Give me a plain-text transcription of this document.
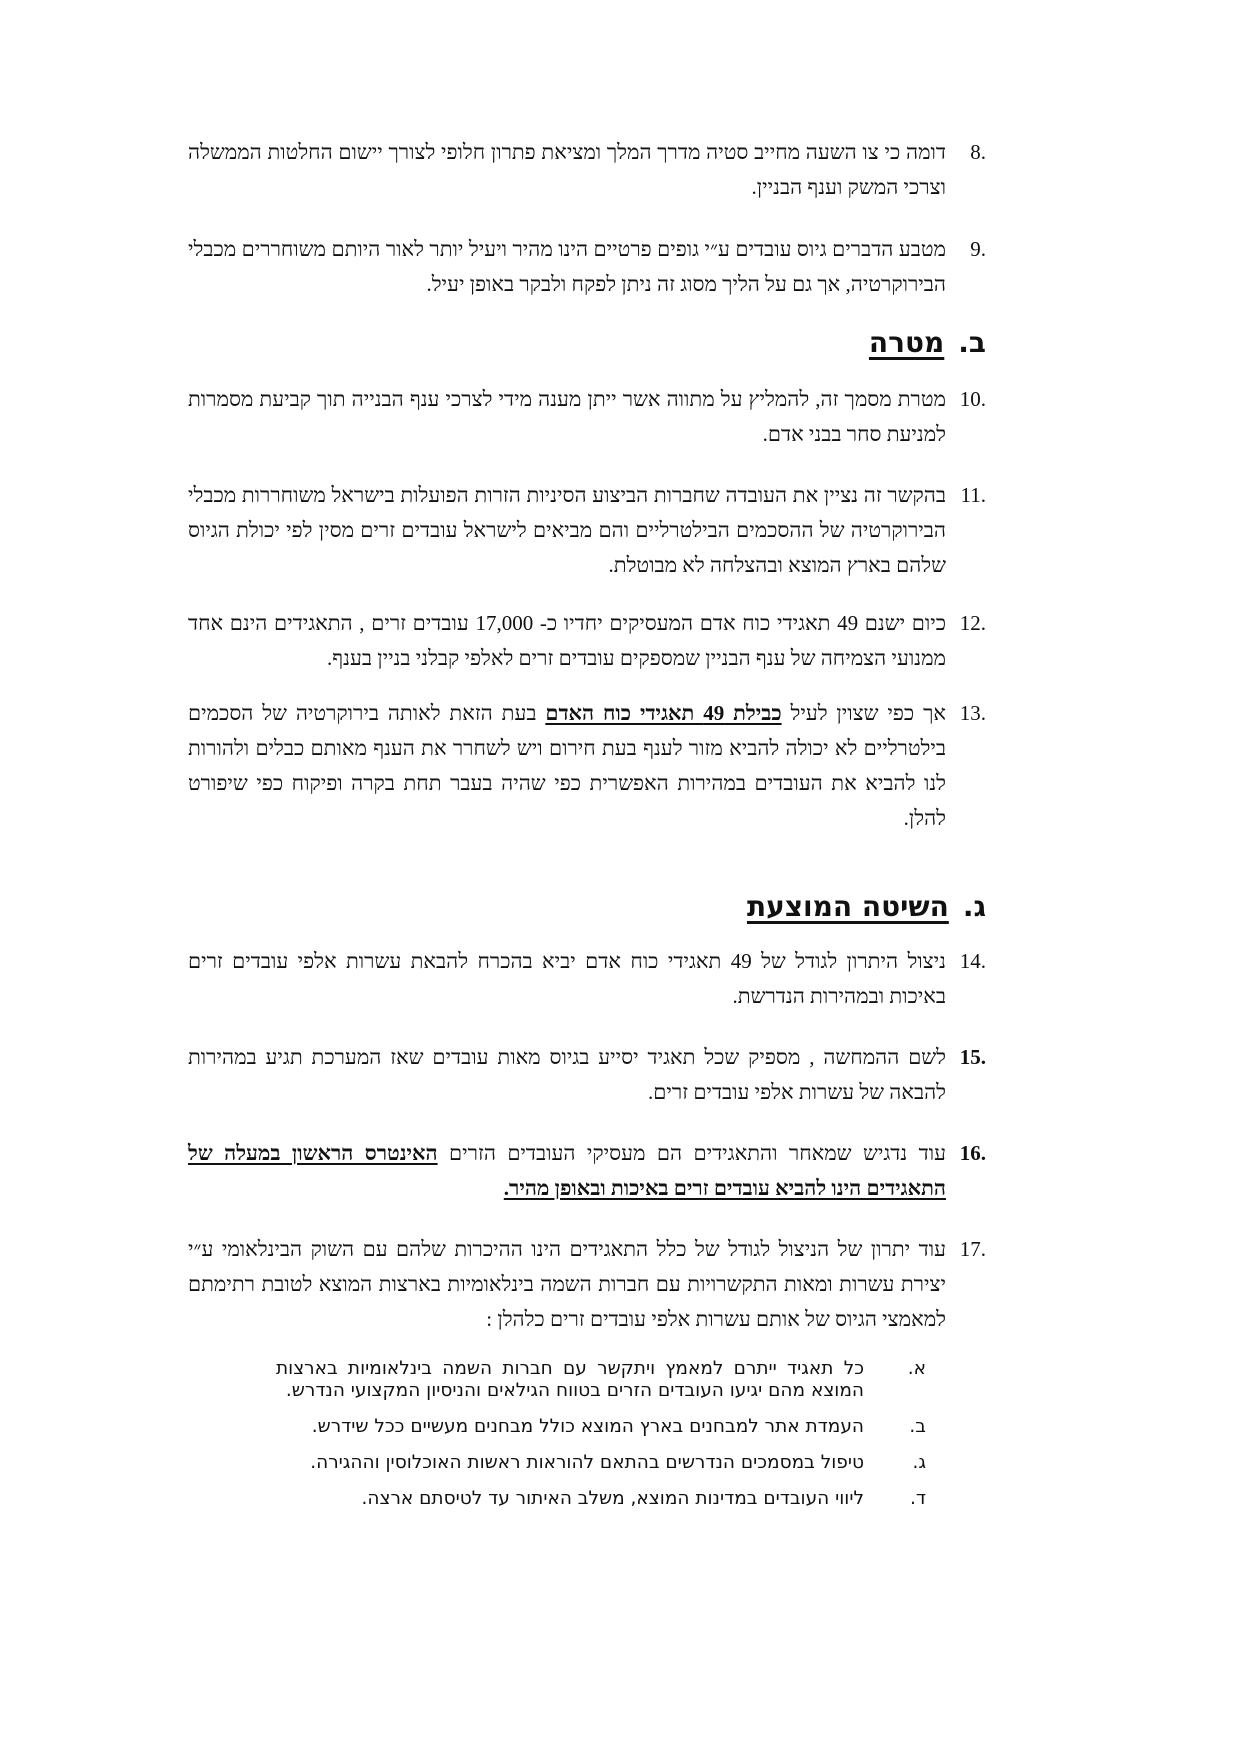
8.
דומה כי צו השעה מחייב סטיה מדרך המלך ומציאת פתרון חלופי לצורך יישום החלטות הממשלה וצרכי המשק וענף הבניין.
9.
מטבע הדברים גיוס עובדים ע״י גופים פרטיים הינו מהיר ויעיל יותר לאור היותם משוחררים מכבלי הבירוקרטיה, אך גם על הליך מסוג זה ניתן לפקח ולבקר באופן יעיל.
ב.מטרה
10.
מטרת מסמך זה, להמליץ על מתווה אשר ייתן מענה מידי לצרכי ענף הבנייה תוך קביעת מסמרות למניעת סחר בבני אדם.
11.
בהקשר זה נציין את העובדה שחברות הביצוע הסיניות הזרות הפועלות בישראל משוחררות מכבלי הבירוקרטיה של ההסכמים הבילטרליים והם מביאים לישראל עובדים זרים מסין לפי יכולת הגיוס שלהם בארץ המוצא ובהצלחה לא מבוטלת.
12.
כיום ישנם 49 תאגידי כוח אדם המעסיקים יחדיו כ- 17,000 עובדים זרים , התאגידים הינם אחד ממנועי הצמיחה של ענף הבניין שמספקים עובדים זרים לאלפי קבלני בניין בענף.
13.
אך כפי שצוין לעיל כבילת 49 תאגידי כוח האדם בעת הזאת לאותה בירוקרטיה של הסכמים בילטרליים לא יכולה להביא מזור לענף בעת חירום ויש לשחרר את הענף מאותם כבלים ולהורות לנו להביא את העובדים במהירות האפשרית כפי שהיה בעבר תחת בקרה ופיקוח כפי שיפורט להלן.
ג.השיטה המוצעת
14.
ניצול היתרון לגודל של 49 תאגידי כוח אדם יביא בהכרח להבאת עשרות אלפי עובדים זרים באיכות ובמהירות הנדרשת.
15.
לשם ההמחשה , מספיק שכל תאגיד יסייע בגיוס מאות עובדים שאז המערכת תגיע במהירות להבאה של עשרות אלפי עובדים זרים.
16.
עוד נדגיש שמאחר והתאגידים הם מעסיקי העובדים הזרים האינטרס הראשון במעלה של התאגידים הינו להביא עובדים זרים באיכות ובאופן מהיר.
17.
עוד יתרון של הניצול לגודל של כלל התאגידים הינו ההיכרות שלהם עם השוק הבינלאומי ע״י יצירת עשרות ומאות התקשרויות עם חברות השמה בינלאומיות בארצות המוצא לטובת רתימתם למאמצי הגיוס של אותם עשרות אלפי עובדים זרים כלהלן :
א.
כל תאגיד ייתרם למאמץ ויתקשר עם חברות השמה בינלאומיות בארצות המוצא מהם יגיעו העובדים הזרים בטווח הגילאים והניסיון המקצועי הנדרש.
ב.
העמדת אתר למבחנים בארץ המוצא כולל מבחנים מעשיים ככל שידרש.
ג.
טיפול במסמכים הנדרשים בהתאם להוראות ראשות האוכלוסין וההגירה.
ד.
ליווי העובדים במדינות המוצא, משלב האיתור עד לטיסתם ארצה.
